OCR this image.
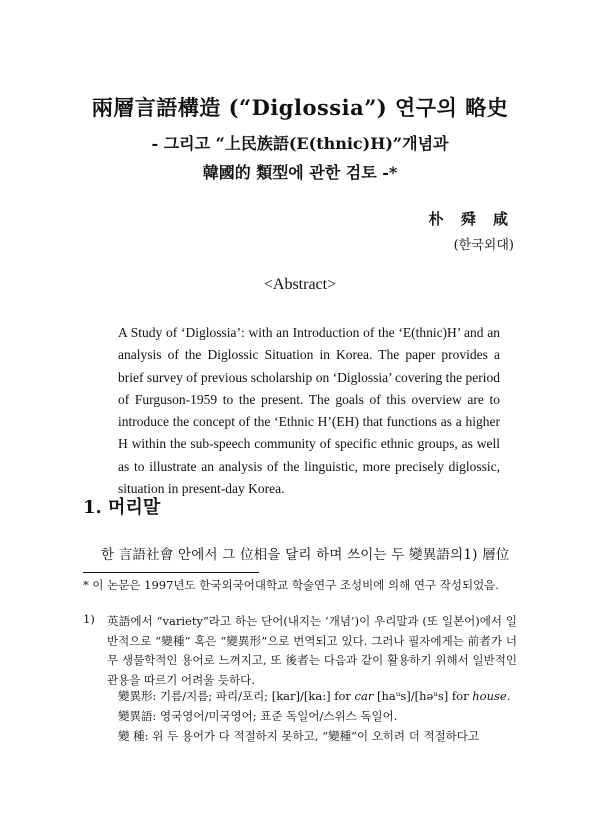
兩層言語構造 (“Diglossia”) 연구의 略史
- 그리고 “上民族語(E(thnic)H)”개념과
韓國的 類型에 관한 검토 -*
朴 舜 咸
(한국외대)
<Abstract>
A Study of ‘Diglossia’: with an Introduction of the ‘E(thnic)H’ and an analysis of the Diglossic Situation in Korea. The paper provides a brief survey of previous scholarship on ‘Diglossia’ covering the period of Furguson-1959 to the present. The goals of this overview are to introduce the concept of the ‘Ethnic H’(EH) that functions as a higher H within the sub-speech community of specific ethnic groups, as well as to illustrate an analysis of the linguistic, more precisely diglossic, situation in present-day Korea.
1. 머리말
한 言語社會 안에서 그 位相을 달리 하며 쓰이는 두 變異語의1) 層位
* 이 논문은 1997년도 한국외국어대학교 학술연구 조성비에 의해 연구 작성되었음.
1) 英語에서 “variety”라고 하는 단어(내지는 ‘개념’)이 우리말과 (또 일본어)에서 일반적으로 “變種” 혹은 “變異形”으로 번역되고 있다. 그러나 필자에게는 前者가 너무 생물학적인 용어로 느껴지고, 또 後者는 다음과 같이 활용하기 위해서 일반적인 관용을 따르기 어려울 듯하다.
變異形: 기름/지름; 파리/포리; [kar]/[ka:] for car [haᵘs]/[həᵘs] for house.
變異語: 영국영어/미국영어; 표준 독일어/스위스 독일어.
變 種: 위 두 용어가 다 적절하지 못하고, “變種”이 오히려 더 적절하다고
